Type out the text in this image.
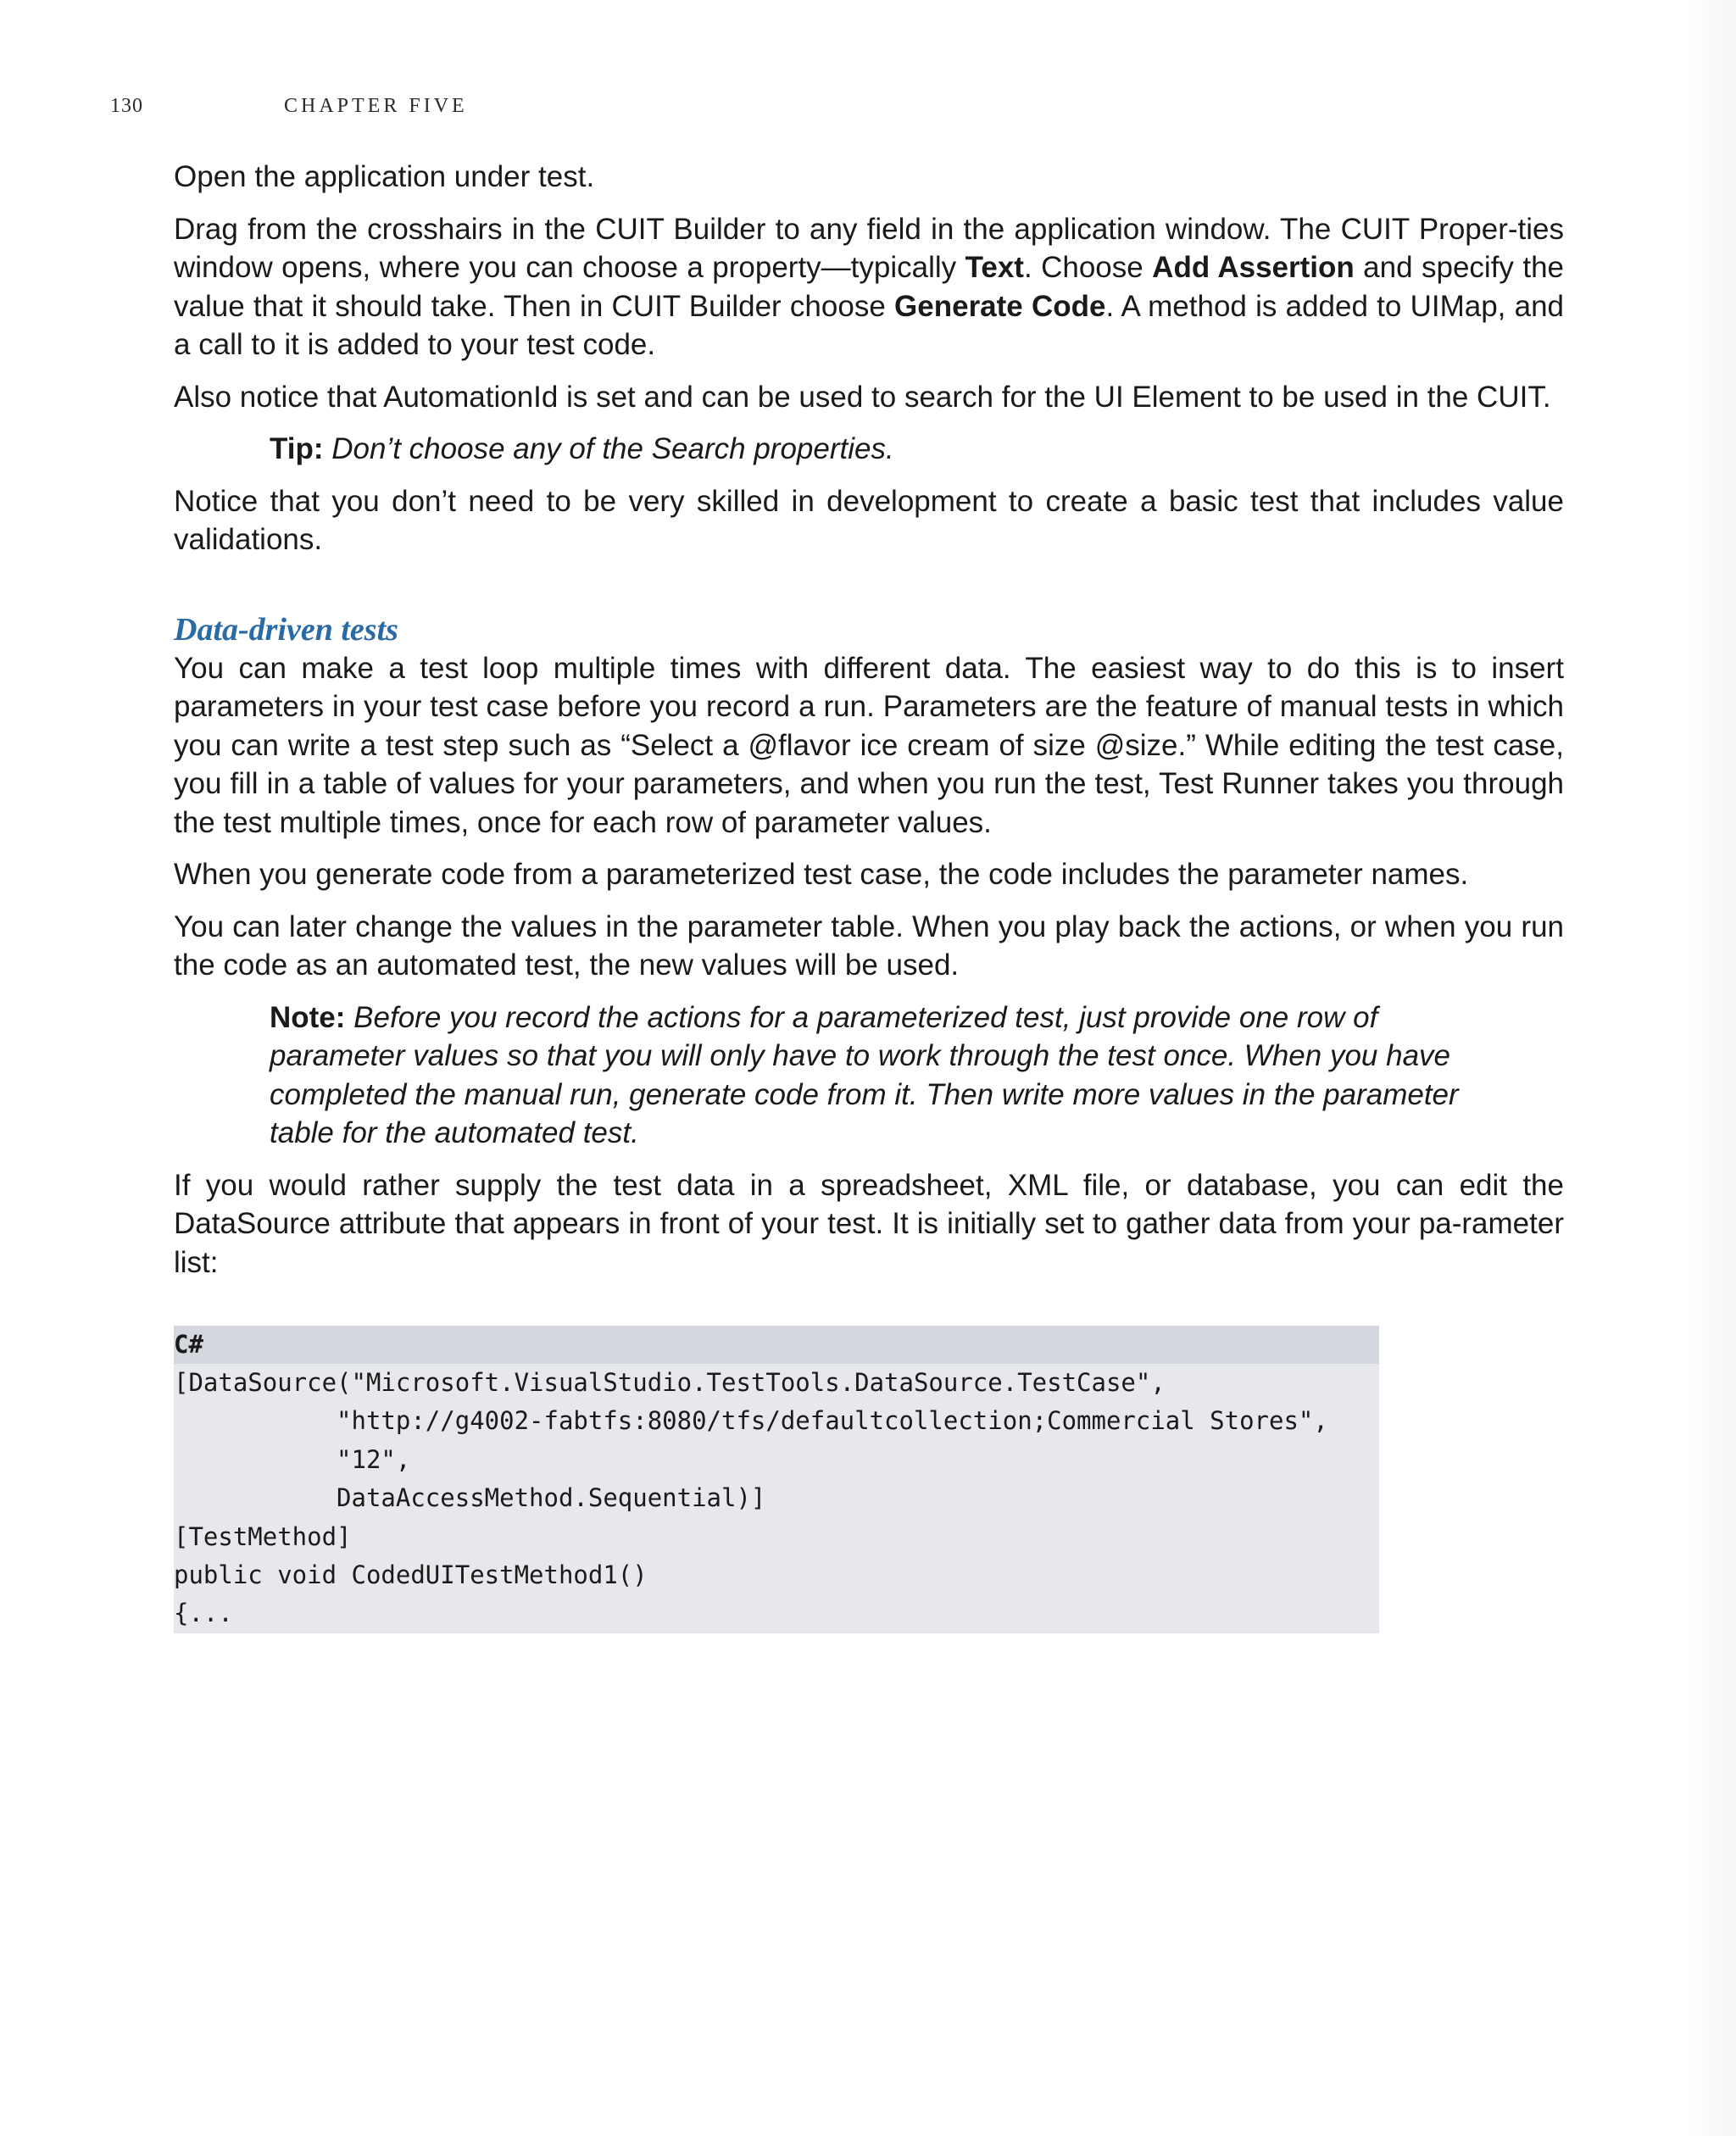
130	CHAPTER FIVE

Open the application under test.

Drag from the crosshairs in the CUIT Builder to any field in the application window. The CUIT Proper-ties window opens, where you can choose a property—typically Text. Choose Add Assertion and specify the value that it should take. Then in CUIT Builder choose Generate Code. A method is added to UIMap, and a call to it is added to your test code.

Also notice that AutomationId is set and can be used to search for the UI Element to be used in the CUIT.

Tip: Don’t choose any of the Search properties.

Notice that you don’t need to be very skilled in development to create a basic test that includes value validations.

Data-driven tests

You can make a test loop multiple times with different data. The easiest way to do this is to insert parameters in your test case before you record a run. Parameters are the feature of manual tests in which you can write a test step such as “Select a @flavor ice cream of size @size.” While editing the test case, you fill in a table of values for your parameters, and when you run the test, Test Runner takes you through the test multiple times, once for each row of parameter values.

When you generate code from a parameterized test case, the code includes the parameter names.

You can later change the values in the parameter table. When you play back the actions, or when you run the code as an automated test, the new values will be used.

Note: Before you record the actions for a parameterized test, just provide one row of parameter values so that you will only have to work through the test once. When you have completed the manual run, generate code from it. Then write more values in the parameter table for the automated test.

If you would rather supply the test data in a spreadsheet, XML file, or database, you can edit the DataSource attribute that appears in front of your test. It is initially set to gather data from your pa-rameter list:

C#
[DataSource("Microsoft.VisualStudio.TestTools.DataSource.TestCase",
"http://g4002-fabtfs:8080/tfs/defaultcollection;Commercial Stores",
"12",
DataAccessMethod.Sequential)]
[TestMethod]
public void CodedUITestMethod1()
{...
